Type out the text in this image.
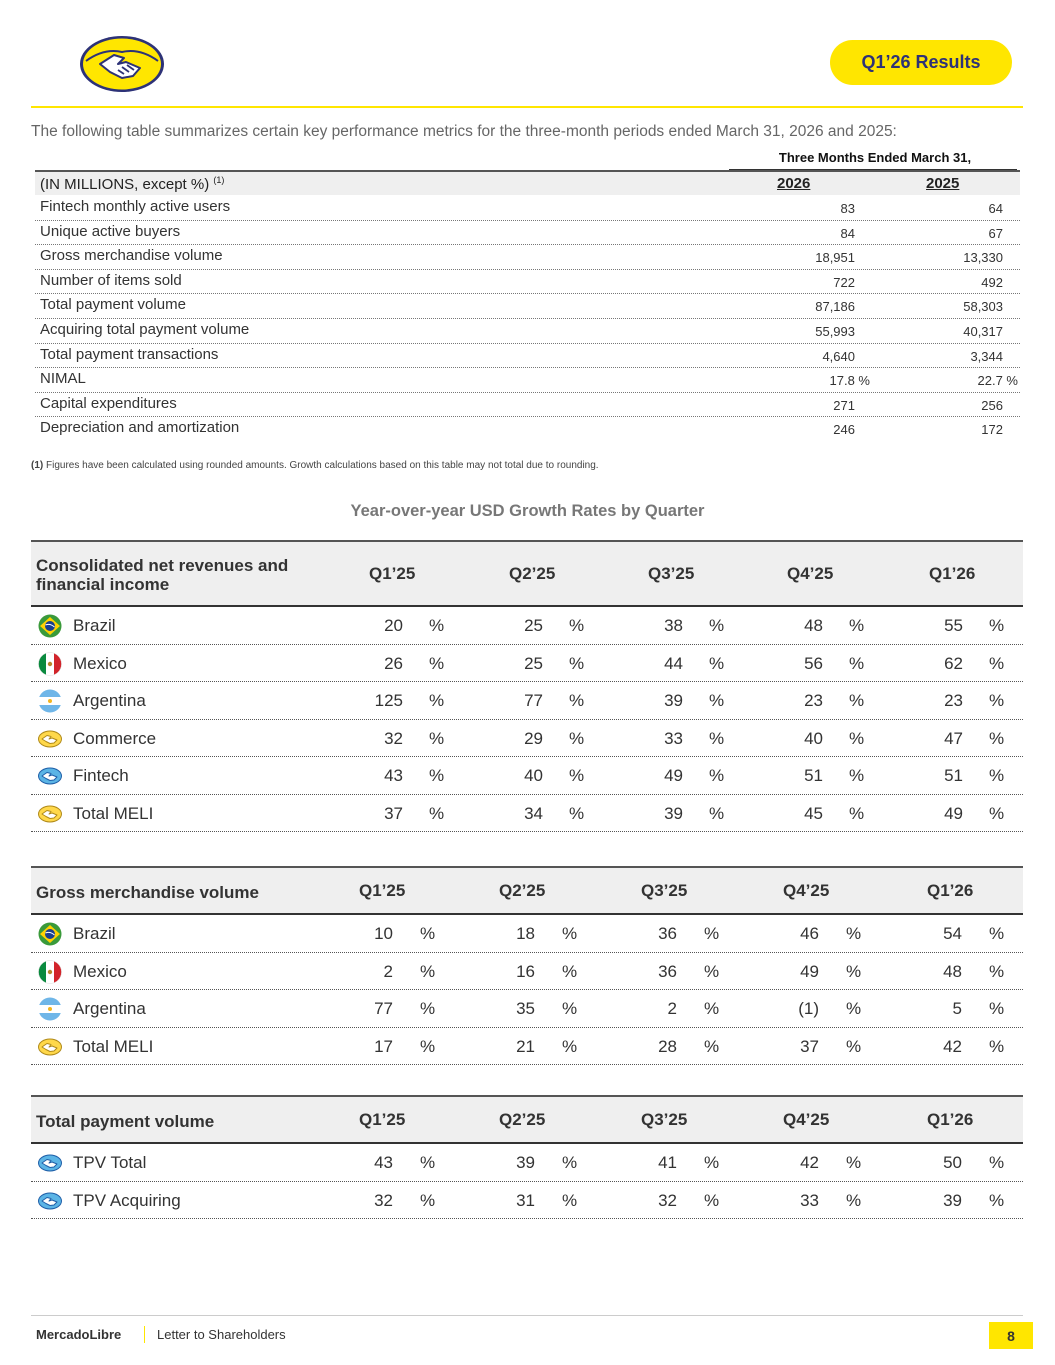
Q1’26 Results
The following table summarizes certain key performance metrics for the three-month periods ended March 31, 2026 and 2025:
Three Months Ended March 31,
(IN MILLIONS, except %) $^{(1)}$	2026	2025
Fintech monthly active users	83	64
Unique active buyers	84	67
Gross merchandise volume	18,951	13,330
Number of items sold	722	492
Total payment volume	87,186	58,303
Acquiring total payment volume	55,993	40,317
Total payment transactions	4,640	3,344
NIMAL	17.8 %	22.7 %
Capital expenditures	271	256
Depreciation and amortization	246	172
(1) Figures have been calculated using rounded amounts. Growth calculations based on this table may not total due to rounding.
Year-over-year USD Growth Rates by Quarter
Consolidated net revenues and financial income
Q1’25	Q2’25	Q3’25	Q4’25	Q1’26
Brazil	20 %	25 %	38 %	48 %	55 %
Mexico	26 %	25 %	44 %	56 %	62 %
Argentina	125 %	77 %	39 %	23 %	23 %
Commerce	32 %	29 %	33 %	40 %	47 %
Fintech	43 %	40 %	49 %	51 %	51 %
Total MELI	37 %	34 %	39 %	45 %	49 %
Gross merchandise volume	Q1’25	Q2’25	Q3’25	Q4’25	Q1’26
Brazil	10 %	18 %	36 %	46 %	54 %
Mexico	2 %	16 %	36 %	49 %	48 %
Argentina	77 %	35 %	2 %	(1) %	5 %
Total MELI	17 %	21 %	28 %	37 %	42 %
Total payment volume	Q1’25	Q2’25	Q3’25	Q4’25	Q1’26
TPV Total	43 %	39 %	41 %	42 %	50 %
TPV Acquiring	32 %	31 %	32 %	33 %	39 %
MercadoLibre	Letter to Shareholders	8
